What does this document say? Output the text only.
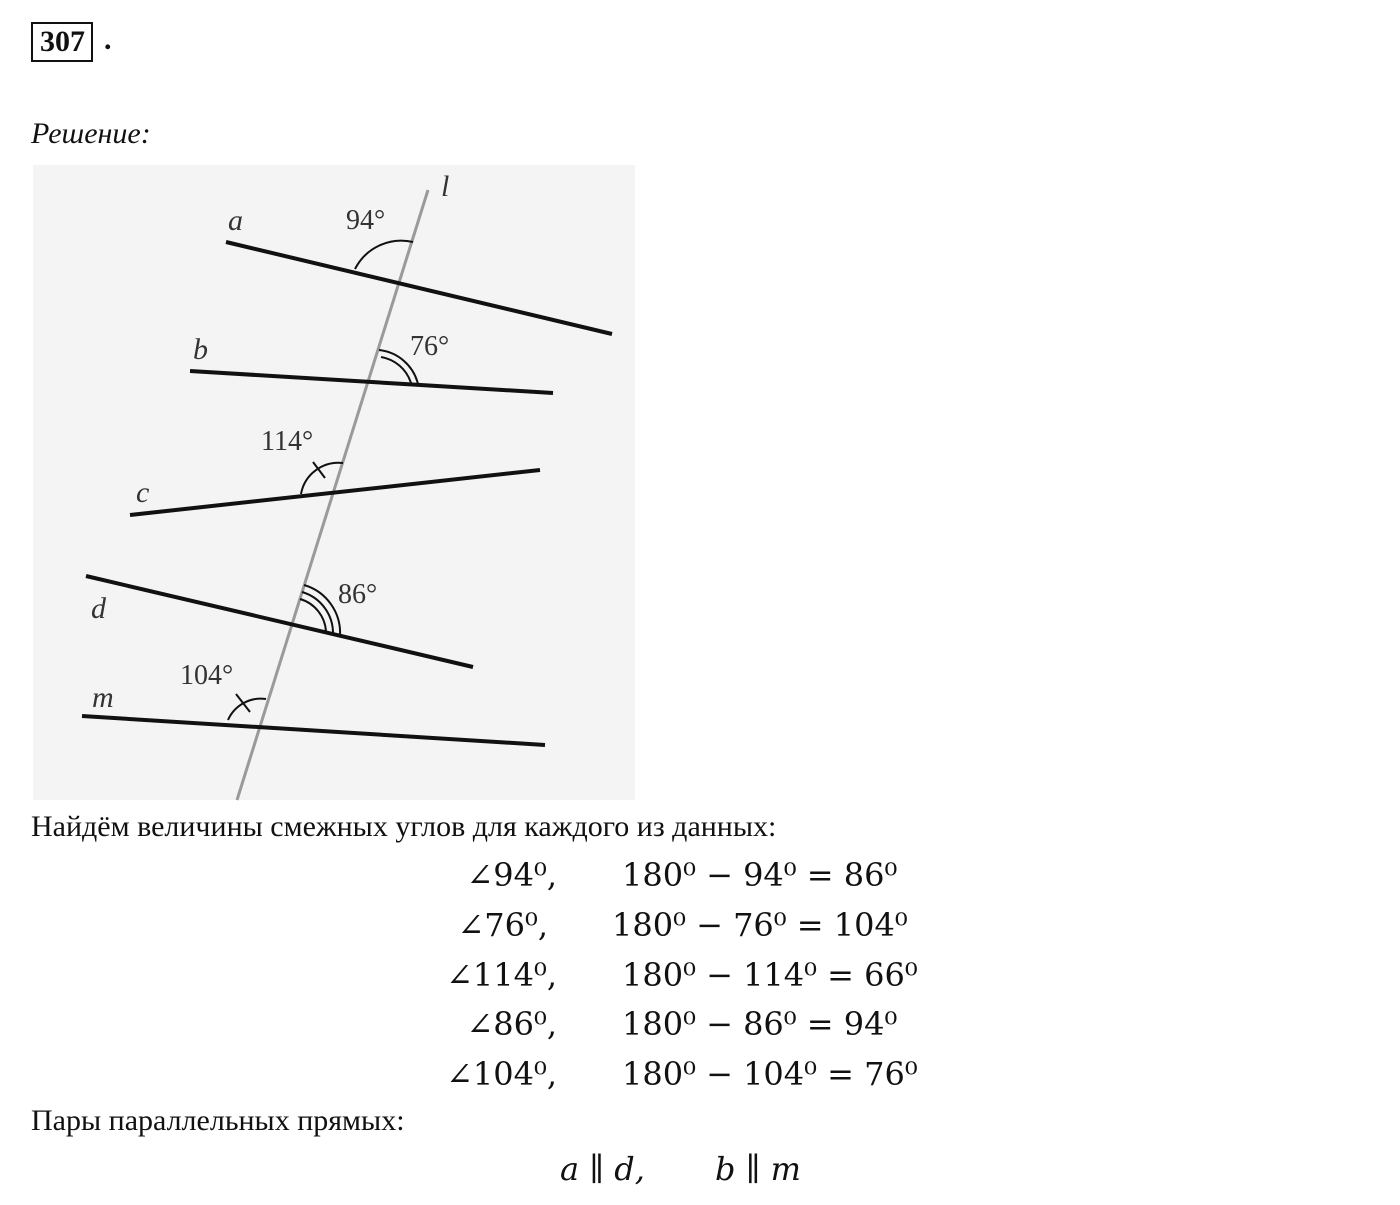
307 .
Решение:
l
a	94°
b	76°
c
114°
d	86°
m
104°
Найдём величины смежных углов для каждого из данных:
∠94⁰, 180⁰ − 94⁰ = 86⁰
∠76⁰, 180⁰ − 76⁰ = 104⁰
∠114⁰, 180⁰ − 114⁰ = 66⁰
∠86⁰, 180⁰ − 86⁰ = 94⁰
∠104⁰, 180⁰ − 104⁰ = 76⁰
Пары параллельных прямых:
a ∥ d, b ∥ m
